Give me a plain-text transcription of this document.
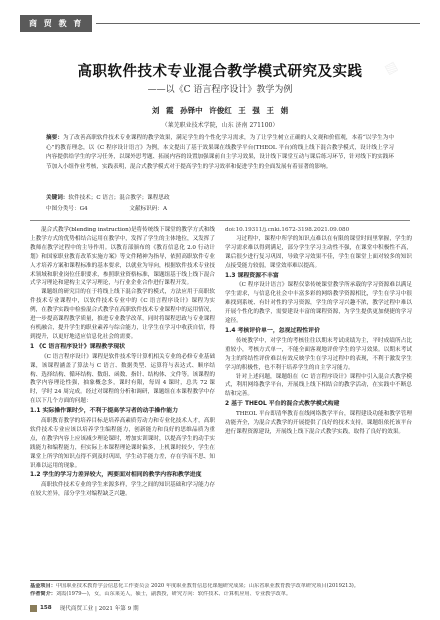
▧
商 贸 教 育
高职软件技术专业混合教学模式研究及实践
——以《C 语言程序设计》教学为例
刘 霞 孙铎中 许俊红 王 强 王 娟
（莱芜职业技术学院，山东 济南 271100）
摘要：为了改善高职软件技术专业课程的教学效果，满足学生的个性化学习需求，为了让学生树立正确的人文观和价值观，本着“以学生为中心”的教育理念，以《C 程序设计语言》为例，本文提出了基于效果课在线教学平台(THEOL 平台)的线上线下混合教学模式，设计线上学习内容提供给学生的学习任务，以课外思考题、拓展内容的设置加强课前自主学习效果，设计线下课堂互动与课后练习环节，针对线下的实践环节加入小组作业考核，实践表明，混合式教学模式对于提高学生的学习效率和促进学生的全面发展有着显著的影响。
关键词：软件技术；C 语言；混合教学；课程思政
中图分类号：G4	文献标识码：A

混合式教学(blending instruction)是将传统线下课堂的教学方式和线上教学方式的优势相结合运用在教学中，发挥了学生的主体地位，又发挥了教师在教学过程中的主导作用。以教育部颁布的《教育信息化 2.0 行动计划》和国家职业教育改革实施方案》等文件精神为指导，依照高职软件专业人才培养方案和课程标准的基本要求，以就业为导向，根据软件技术专业技术领域和职业岗位任职要求，参照职业资格标准，课题组基于线上线下混合式学习理论和建构主义学习理论，与行业企业合作进行课程开发。

课题组的研究目的在于将线上线下混合教学的模式，方法应用于高职软件技术专业课程中，以软件技术专业中的《C 语言程序设计》课程为实例，在教学实践中检验混合式教学在高职软件技术专业课程中的运用情况，进一步提高课程教学质量，推进专业教学改革，同时将课程思政与专业课程有机融合，提升学生的职业素养与综合能力，让学生在学习中收获自信，得到提升，以更好地适应信息化社会的需要。

1 《C 语言程序设计》课程教学现状

《C 语言程序设计》课程是软件技术等计算机相关专业的必修专业基础课，该课程涵盖了算法与 C 语言、数据类型、运算符与表达式、顺序结构、选择结构、循环结构、数组、函数、指针、结构体、文件等。该课程的教学内容理论性强，抽象概念多，课时有限，每周 4 课时，总共 72 课时，学时 24 周完成。经过对课程的分析和调研，课题组在本课程教学中存在以下几个方面的问题：

1.1 实际操作课时少，不利于提高学习者的动手操作能力

高职教育教学的培养目标是培养高素质劳动力和专业化技术人才，高职软件技术专业应该以培养学生编程能力，创新能力和良好的思维品质为重点，在教学内容上应该减少理论课时，增加实训课时，以提高学生的动手实践能力和编程能力，但实际上本课程理论课时偏多，上机课时较少，学生在课堂上所学的知识点得不到及时巩固，学生动手能力差，存在学而不思、知识难以运用的现象。

1.2 学生的学习力差异较大，两要面对相同的教学内容和教学进度

高职软件技术专业的学生来源多样，学生之间的知识基础和学习能力存在较大差异，部分学生对编程缺乏兴趣。

doi:10.19311/j.cnki.1672-3198.2021.09.080

习过程中，课程中所学的知识点难以在有限的课堂时间里掌握，学生的学习需求难以得到满足，部分学生学习主动性不强，在课堂中积极性不高，课后很少进行复习巩固，导致学习效果不佳，学生在课堂上面对较多的知识点接受能力较弱，课堂效率难以提高。

1.3 课程资源不丰富

《C 程序设计语言》课程仅靠传统课堂教学所承载的学习资源难以满足学生需求，与信息化社会中丰富多彩的网络教学资源相比，学生在学习中很难找到系统、有针对性的学习资源，学生的学习兴趣不浓，教学过程中难以开展个性化的教学，需要建设丰富的课程资源，为学生提供更加便捷的学习途径。

1.4 考核评价单一，忽视过程性评价

传统教学中，对学生的考核往往以期末考试成绩为主，平时成绩所占比重较小，考核方式单一，不能全面客观地评价学生的学习效果。以期末考试为主的终结性评价难以有效反映学生在学习过程中的表现，不利于激发学生学习的积极性，也不利于培养学生的自主学习能力。

针对上述问题，课题组在《C 语言程序设计》课程中引入混合式教学模式，利用网络教学平台，开展线上线下相结合的教学活动，在实践中不断总结和完善。

2 基于 THEOL 平台的混合式教学模式构建

THEOL 平台即清华教育在线网络教学平台，课程建设功能和教学管理功能齐全，为混合式教学的开展提供了良好的技术支持，课题组依托该平台进行课程资源建设，开展线上线下混合式教学实践，取得了良好的效果。

基金项目：中国职业技术教育学会信息化工作委员会 2020 年度职业教育信息化课题研究成果；山东省职业教育教学改革研究项目(2019213)。
作者简介：刘霞(1979—)，女，山东莱芜人，硕士，副教授，研究方向：软件技术、计算机应用、专业教学改革。
158 现代商贸工业 | 2021 年第 9 期
